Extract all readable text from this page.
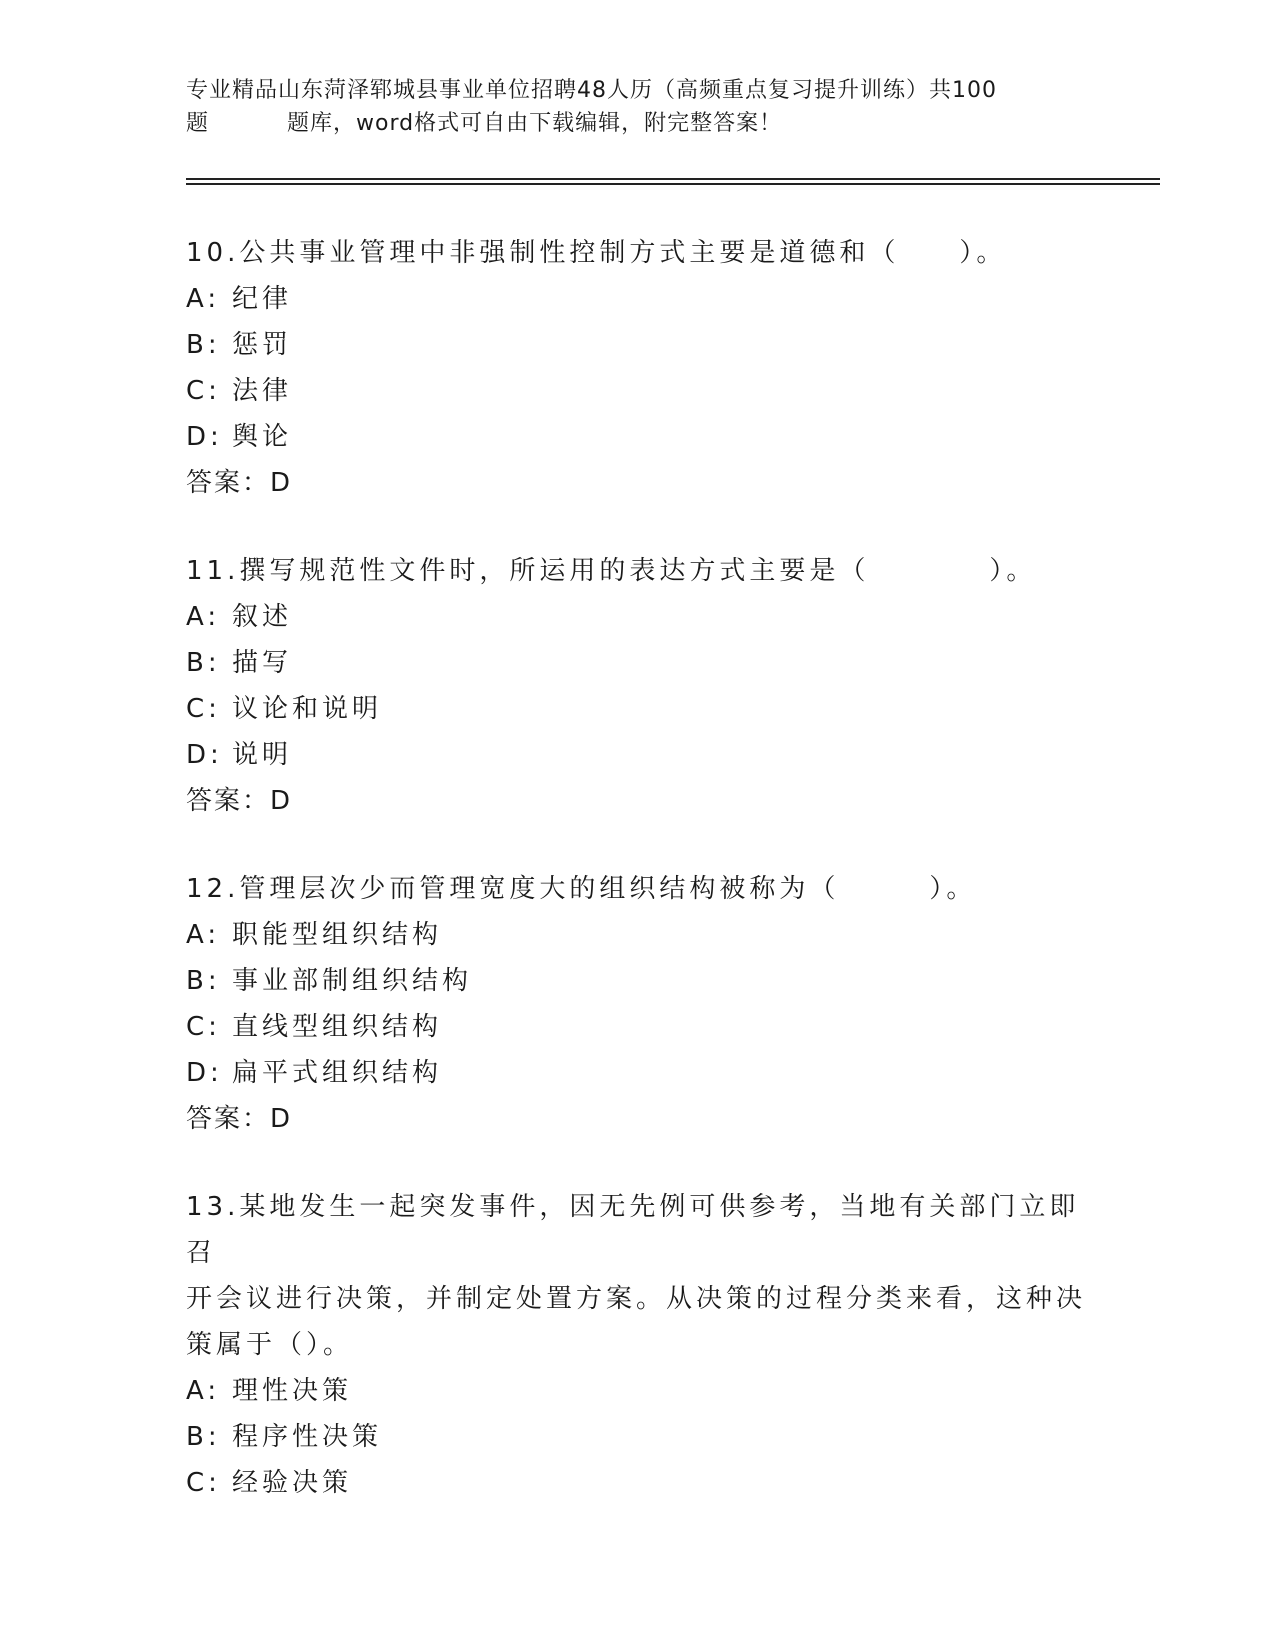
专业精品山东菏泽郓城县事业单位招聘48人历（高频重点复习提升训练）共100
题	题库，word格式可自由下载编辑，附完整答案！

10.公共事业管理中非强制性控制方式主要是道德和（　　）。

A: 纪律

B: 惩罚

C: 法律

D: 舆论

答案：D

11.撰写规范性文件时，所运用的表达方式主要是（　　　　）。

A: 叙述

B: 描写

C: 议论和说明

D: 说明

答案：D

12.管理层次少而管理宽度大的组织结构被称为（　　　）。

A: 职能型组织结构

B: 事业部制组织结构

C: 直线型组织结构

D: 扁平式组织结构

答案：D

13.某地发生一起突发事件，因无先例可供参考，当地有关部门立即召

开会议进行决策，并制定处置方案。从决策的过程分类来看，这种决

策属于（）。

A: 理性决策

B: 程序性决策

C: 经验决策
